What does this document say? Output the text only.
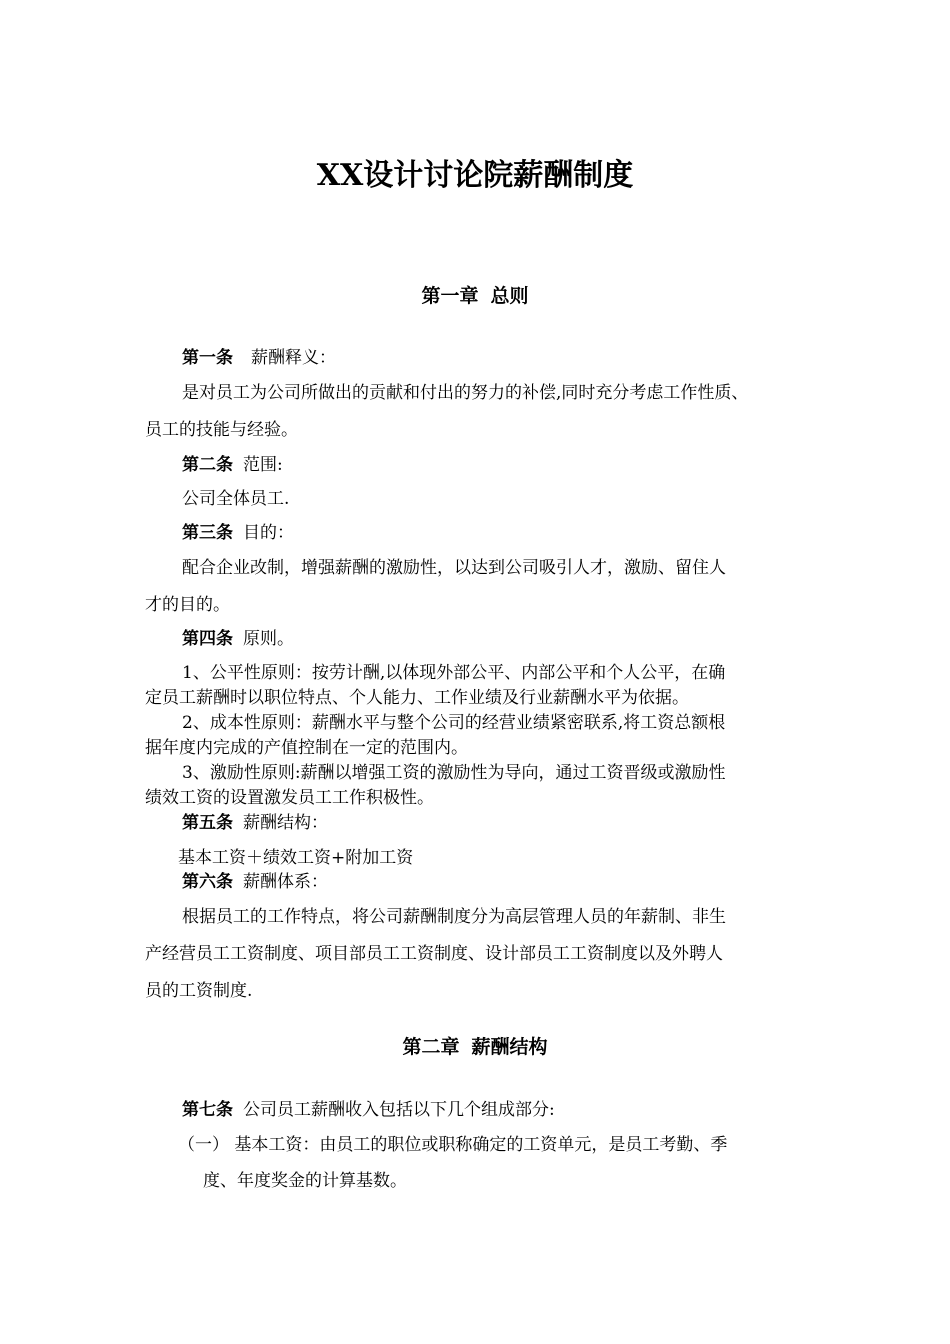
XX设计讨论院薪酬制度
第一章 总则
第一条 薪酬释义：
是对员工为公司所做出的贡献和付出的努力的补偿,同时充分考虑工作性质、
员工的技能与经验。
第二条 范围:
公司全体员工.
第三条 目的：
配合企业改制，增强薪酬的激励性，以达到公司吸引人才，激励、留住人
才的目的。
第四条 原则。
1、公平性原则：按劳计酬,以体现外部公平、内部公平和个人公平，在确
定员工薪酬时以职位特点、个人能力、工作业绩及行业薪酬水平为依据。
2、成本性原则：薪酬水平与整个公司的经营业绩紧密联系,将工资总额根
据年度内完成的产值控制在一定的范围内。
3、激励性原则:薪酬以增强工资的激励性为导向，通过工资晋级或激励性
绩效工资的设置激发员工工作积极性。
第五条 薪酬结构：
基本工资＋绩效工资+附加工资
第六条 薪酬体系：
根据员工的工作特点，将公司薪酬制度分为高层管理人员的年薪制、非生
产经营员工工资制度、项目部员工工资制度、设计部员工工资制度以及外聘人
员的工资制度.
第二章 薪酬结构
第七条 公司员工薪酬收入包括以下几个组成部分:
（一） 基本工资：由员工的职位或职称确定的工资单元，是员工考勤、季
度、年度奖金的计算基数。
